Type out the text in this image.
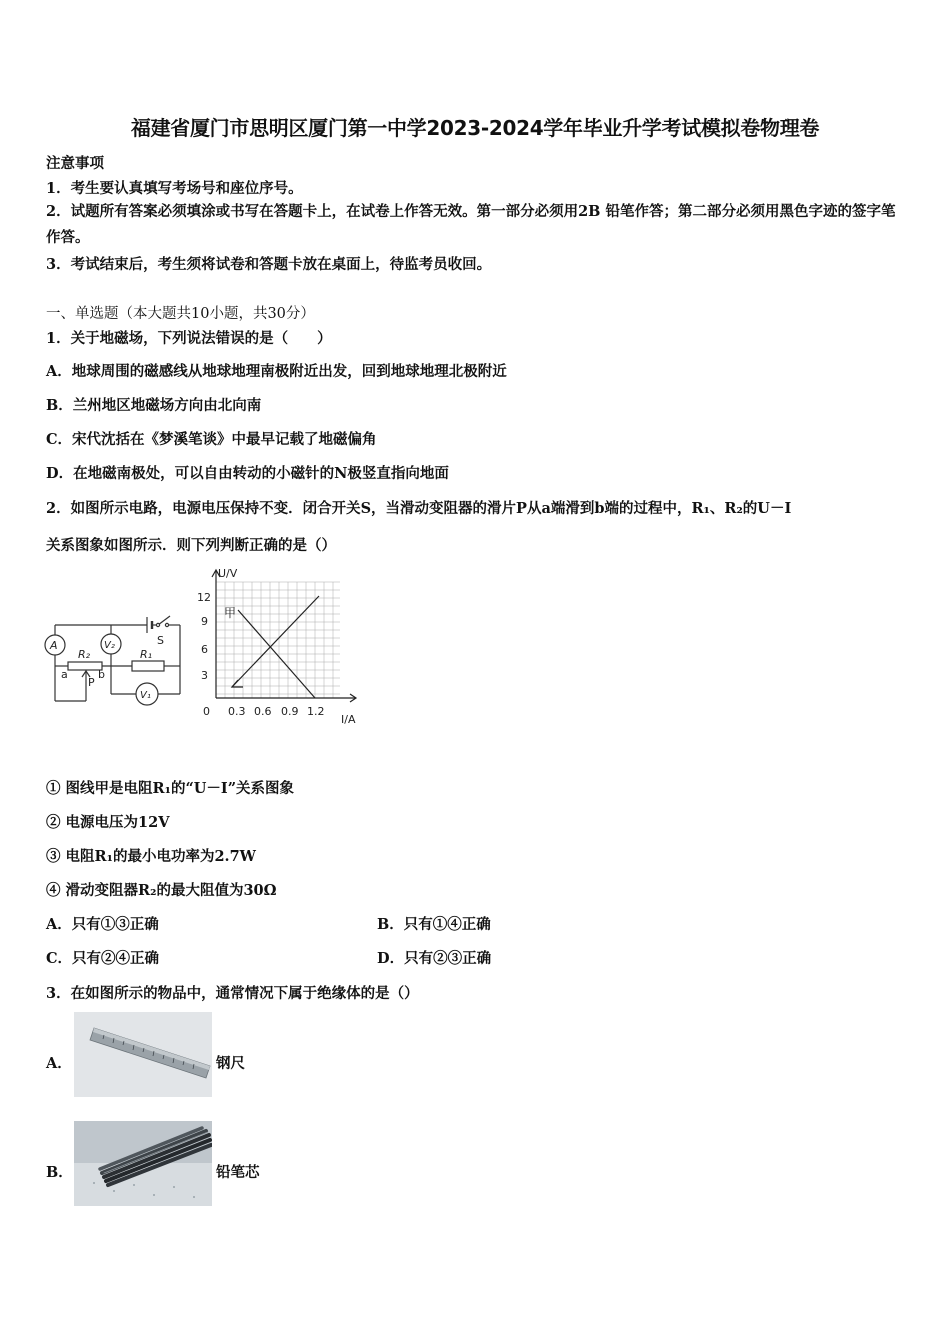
福建省厦门市思明区厦门第一中学2023-2024学年毕业升学考试模拟卷物理卷
注意事项
1．考生要认真填写考场号和座位序号。
2．试题所有答案必须填涂或书写在答题卡上，在试卷上作答无效。第一部分必须用2B 铅笔作答；第二部分必须用黑色字迹的签字笔作答。
3．考试结束后，考生须将试卷和答题卡放在桌面上，待监考员收回。
一、单选题（本大题共10小题，共30分）
1．关于地磁场，下列说法错误的是（　　）
A．地球周围的磁感线从地球地理南极附近出发，回到地球地理北极附近
B．兰州地区地磁场方向由北向南
C．宋代沈括在《梦溪笔谈》中最早记载了地磁偏角
D．在地磁南极处，可以自由转动的小磁针的N极竖直指向地面
2．如图所示电路，电源电压保持不变．闭合开关S，当滑动变阻器的滑片P从a端滑到b端的过程中，R₁、R₂的U－I
关系图象如图所示．则下列判断正确的是（）
A	V₂
V₁
R₂	R₁
S
a
P
b
U/V
I/A
12
9
6
3
0 0.3 0.6 0.9 1.2
甲
① 图线甲是电阻R₁的“U－I”关系图象
② 电源电压为12V
③ 电阻R₁的最小电功率为2.7W
④ 滑动变阻器R₂的最大阻值为30Ω
A．只有①③正确	B．只有①④正确
C．只有②④正确	D．只有②③正确
3．在如图所示的物品中，通常情况下属于绝缘体的是（）
A．	钢尺
B．	铅笔芯
